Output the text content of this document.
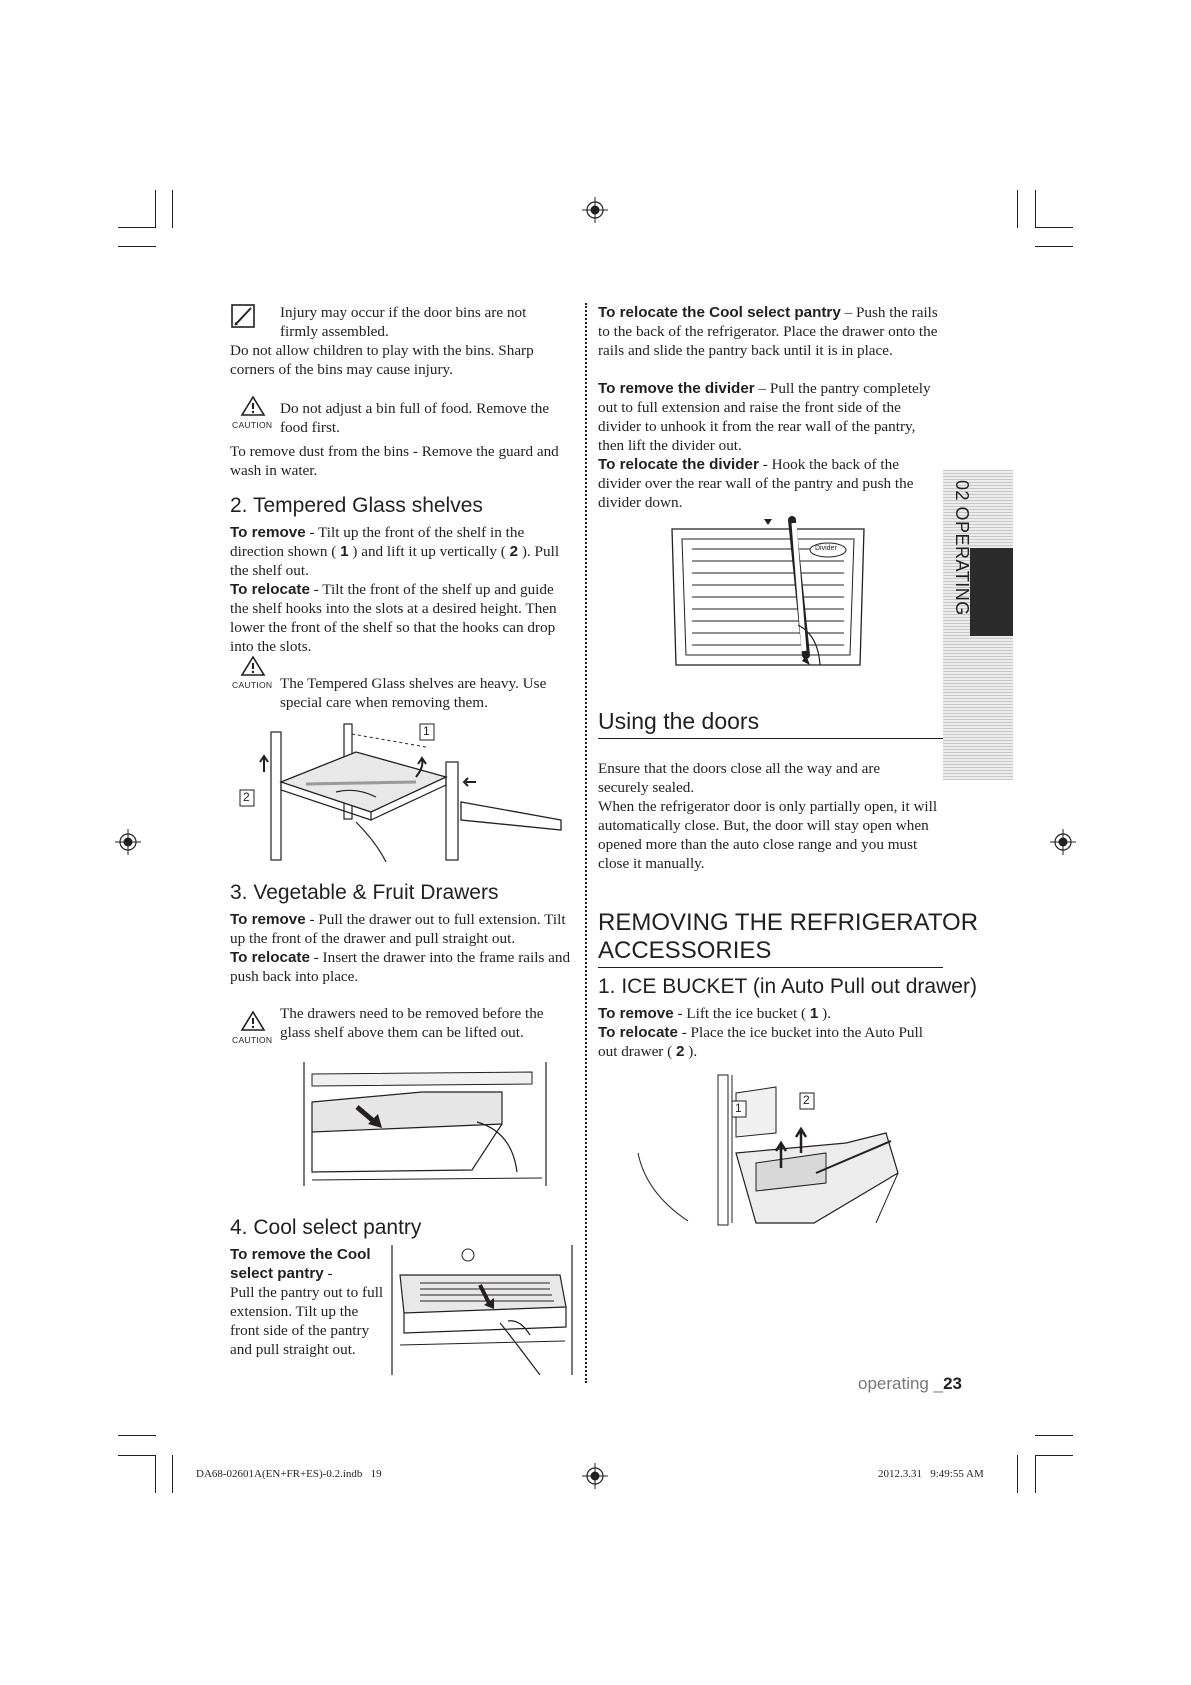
Injury may occur if the door bins are not firmly assembled.

Do not allow children to play with the bins. Sharp corners of the bins may cause injury.

CAUTION

Do not adjust a bin full of food. Remove the food first.

To remove dust from the bins - Remove the guard and wash in water.

2. Tempered Glass shelves

To remove - Tilt up the front of the shelf in the direction shown ( 1 ) and lift it up vertically ( 2 ). Pull the shelf out.

To relocate - Tilt the front of the shelf up and guide the shelf hooks into the slots at a desired height. Then lower the front of the shelf so that the hooks can drop into the slots.

CAUTION The Tempered Glass shelves are heavy. Use special care when removing them.

1
2
3. Vegetable & Fruit Drawers

To remove - Pull the drawer out to full extension. Tilt up the front of the drawer and pull straight out.

To relocate - Insert the drawer into the frame rails and push back into place.

CAUTION

The drawers need to be removed before the glass shelf above them can be lifted out.

4. Cool select pantry

To remove the Cool select pantry -

Pull the pantry out to full extension. Tilt up the front side of the pantry and pull straight out.

To relocate the Cool select pantry – Push the rails to the back of the refrigerator. Place the drawer onto the rails and slide the pantry back until it is in place.

To remove the divider – Pull the pantry completely out to full extension and raise the front side of the divider to unhook it from the rear wall of the pantry, then lift the divider out.

To relocate the divider - Hook the back of the divider over the rear wall of the pantry and push the divider down.

Divider
Using the doors

Ensure that the doors close all the way and are securely sealed.

When the refrigerator door is only partially open, it will automatically close. But, the door will stay open when opened more than the auto close range and you must close it manually.

REMOVING THE REFRIGERATOR
ACCESSORIES
1. ICE BUCKET (in Auto Pull out drawer)

To remove - Lift the ice bucket ( 1 ).

To relocate - Place the ice bucket into the Auto Pull out drawer ( 2 ).

1
2
02 OPERATING
operating _23
DA68-02601A(EN+FR+ES)-0.2.indb   19	2012.3.31   9:49:55 AM
